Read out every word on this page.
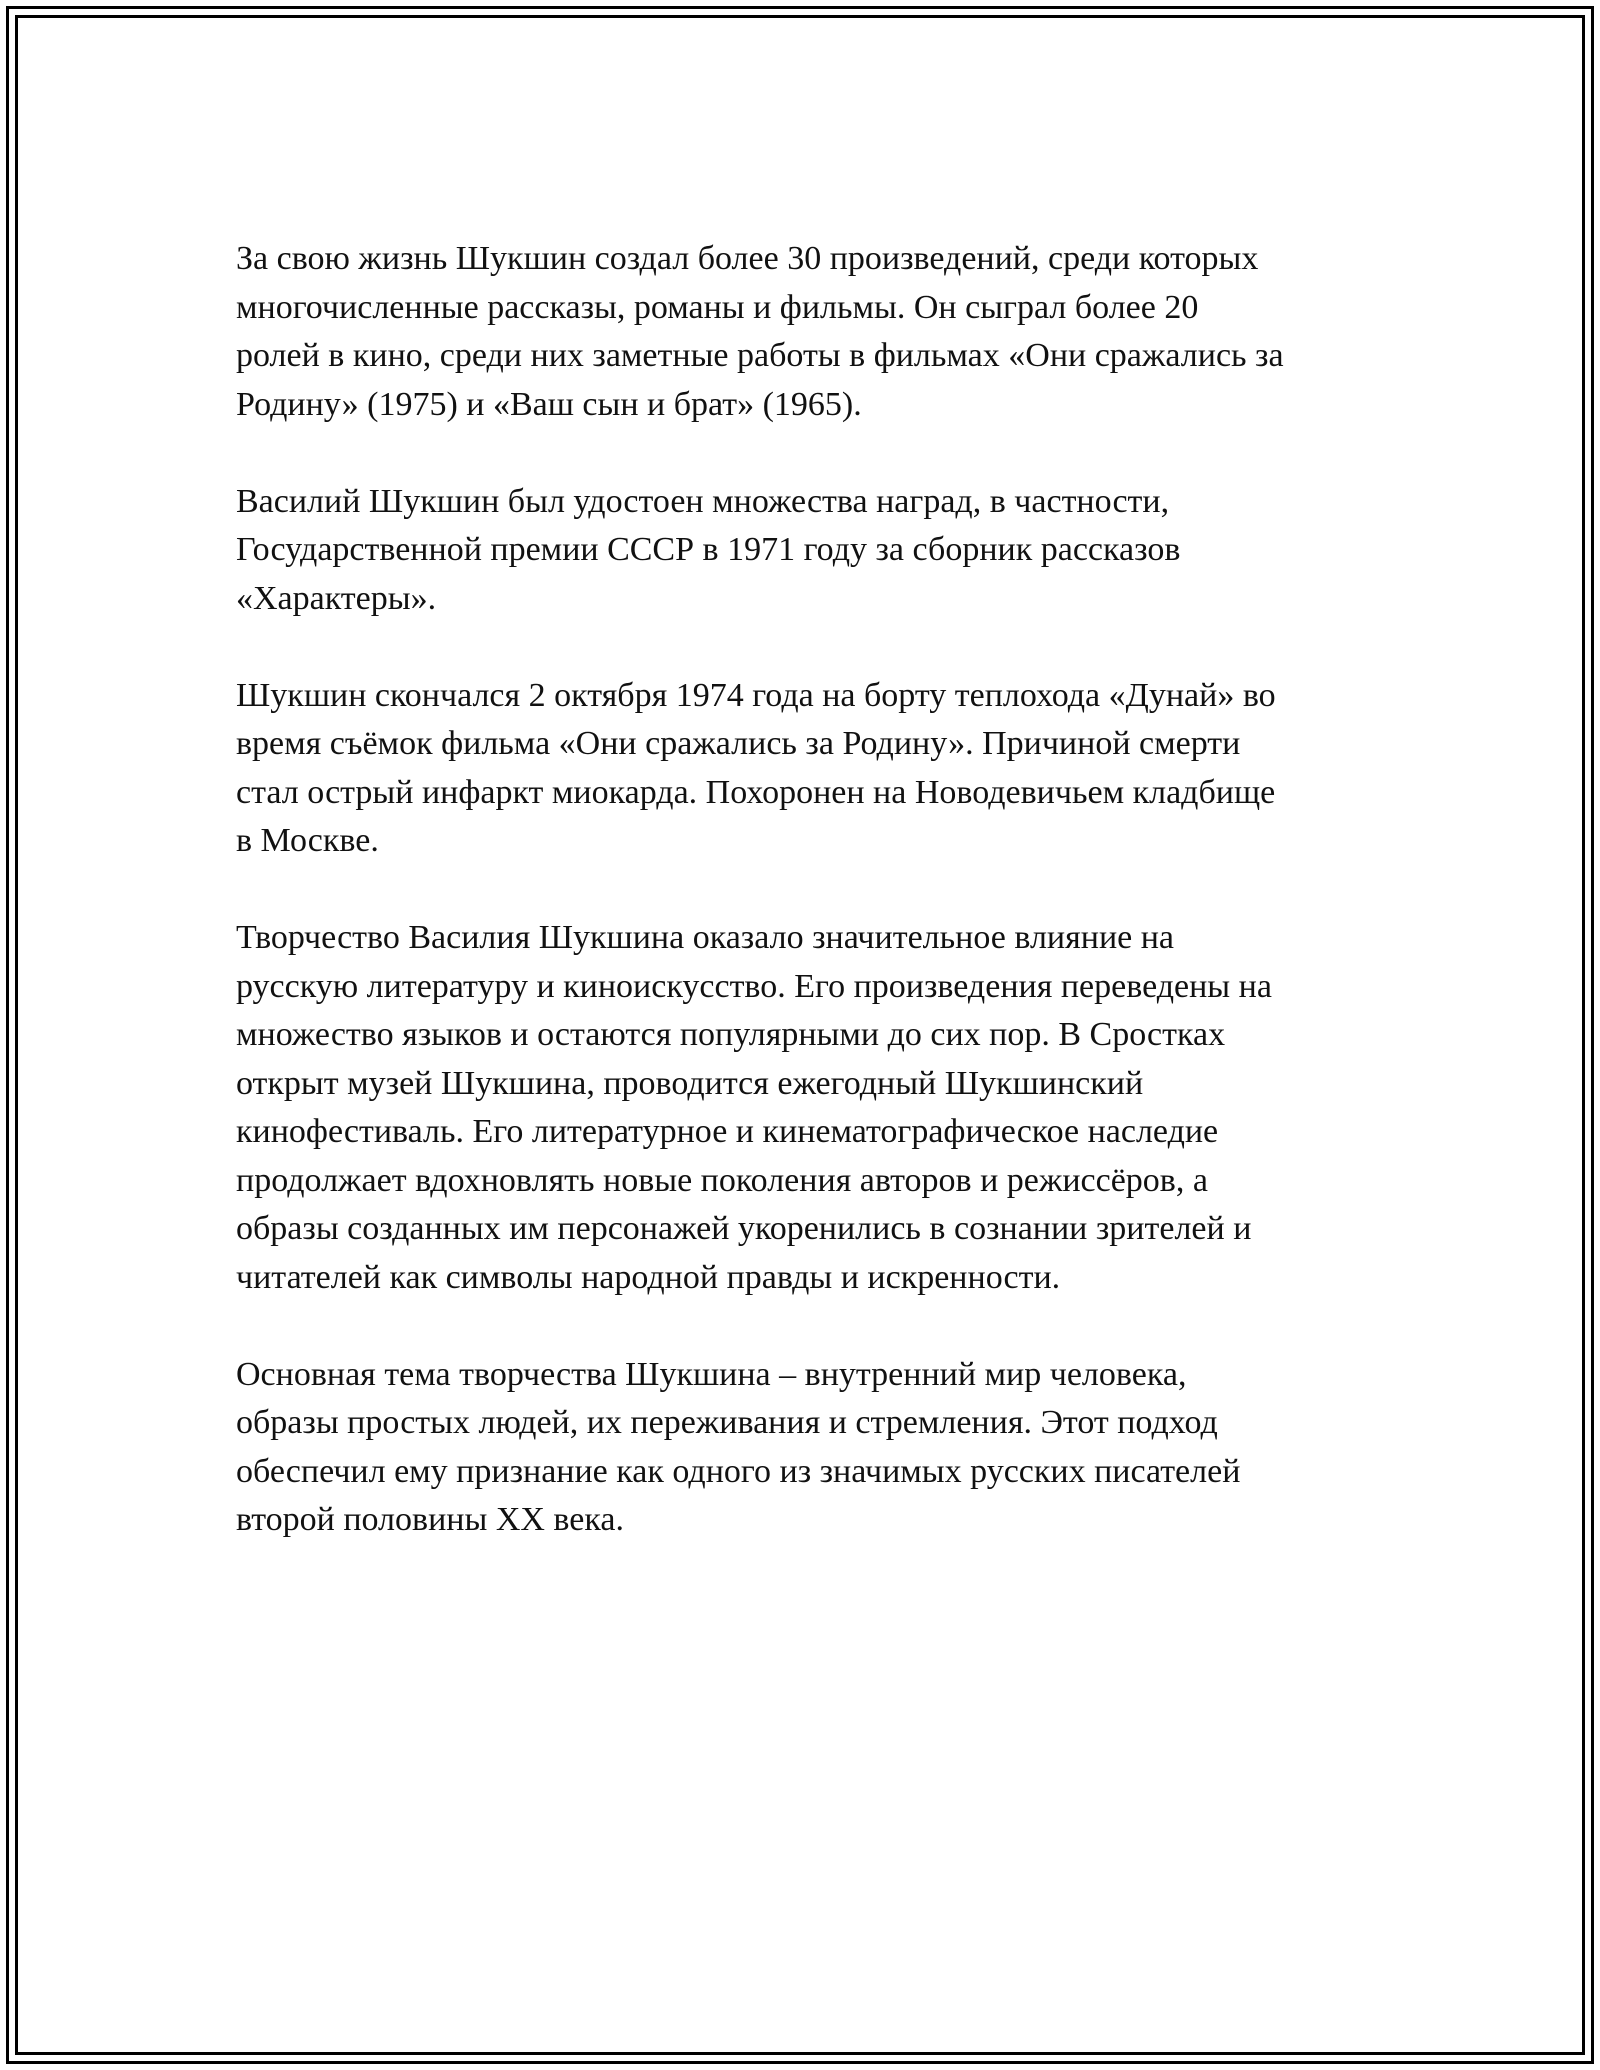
За свою жизнь Шукшин создал более 30 произведений, среди которых
многочисленные рассказы, романы и фильмы. Он сыграл более 20
ролей в кино, среди них заметные работы в фильмах «Они сражались за
Родину» (1975) и «Ваш сын и брат» (1965).

Василий Шукшин был удостоен множества наград, в частности,
Государственной премии СССР в 1971 году за сборник рассказов
«Характеры».

Шукшин скончался 2 октября 1974 года на борту теплохода «Дунай» во
время съёмок фильма «Они сражались за Родину». Причиной смерти
стал острый инфаркт миокарда. Похоронен на Новодевичьем кладбище
в Москве.

Творчество Василия Шукшина оказало значительное влияние на
русскую литературу и киноискусство. Его произведения переведены на
множество языков и остаются популярными до сих пор. В Сростках
открыт музей Шукшина, проводится ежегодный Шукшинский
кинофестиваль. Его литературное и кинематографическое наследие
продолжает вдохновлять новые поколения авторов и режиссёров, а
образы созданных им персонажей укоренились в сознании зрителей и
читателей как символы народной правды и искренности.

Основная тема творчества Шукшина – внутренний мир человека,
образы простых людей, их переживания и стремления. Этот подход
обеспечил ему признание как одного из значимых русских писателей
второй половины XX века.
